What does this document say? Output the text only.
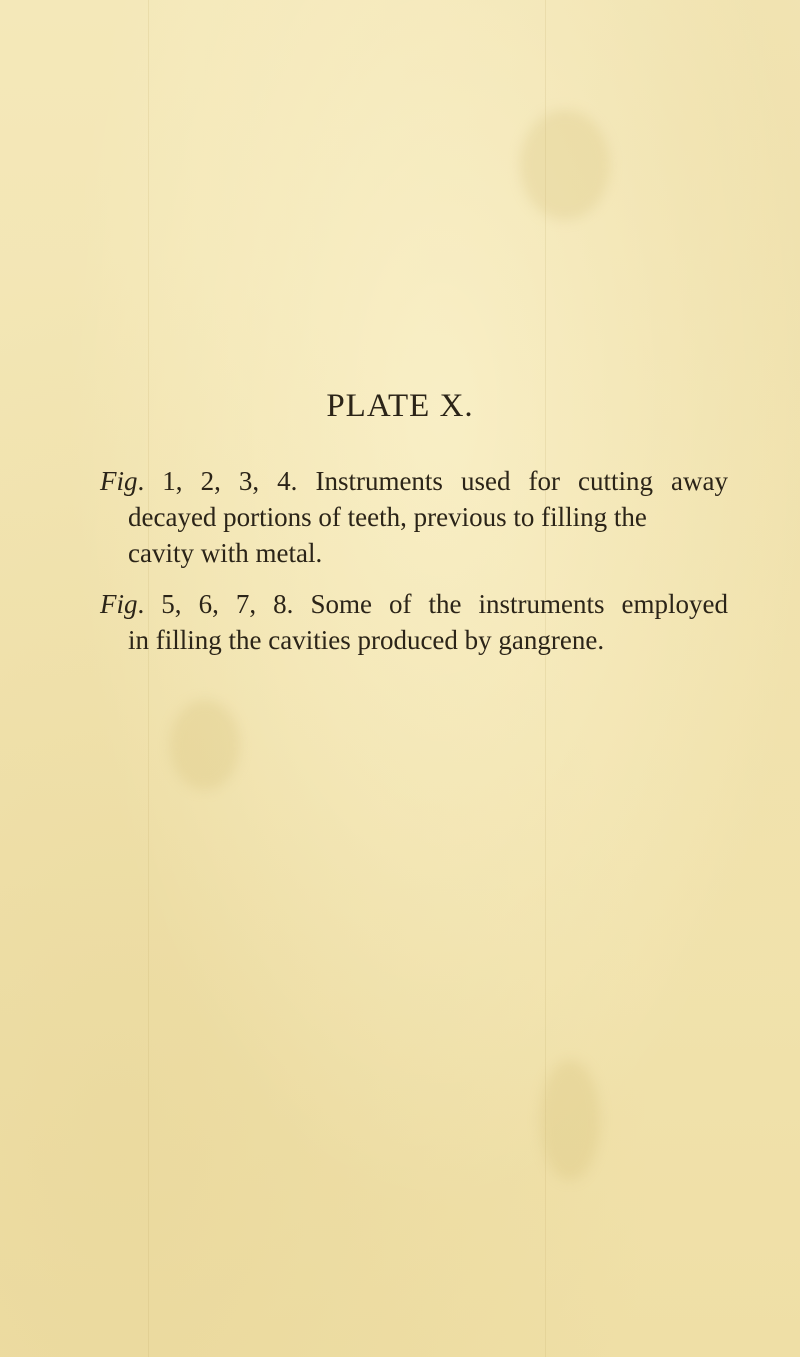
PLATE X.
Fig. 1, 2, 3, 4. Instruments used for cutting away
decayed portions of teeth, previous to filling the
cavity with metal.
Fig. 5, 6, 7, 8. Some of the instruments employed
in filling the cavities produced by gangrene.
